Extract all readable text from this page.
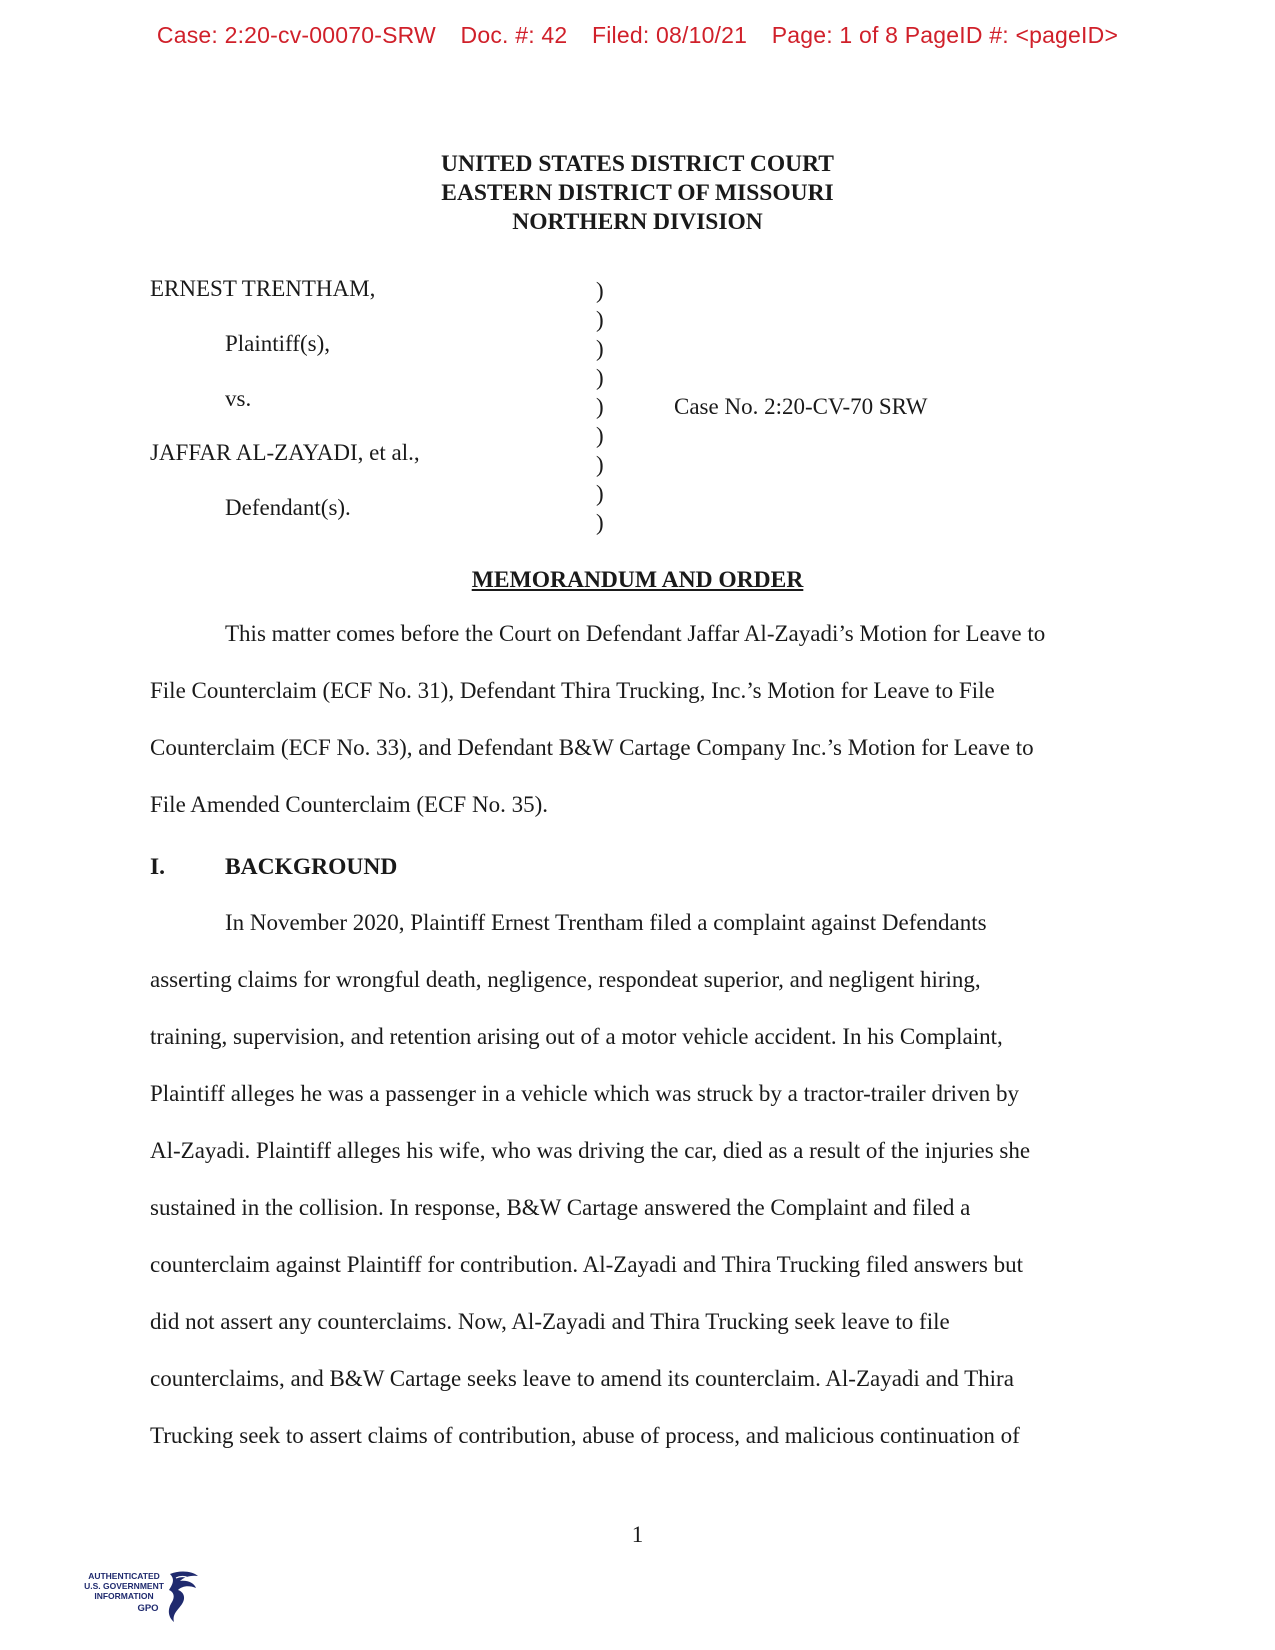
Case: 2:20-cv-00070-SRW Doc. #: 42 Filed: 08/10/21 Page: 1 of 8 PageID #: <pageID>
UNITED STATES DISTRICT COURT
EASTERN DISTRICT OF MISSOURI
NORTHERN DIVISION
ERNEST TRENTHAM,
Plaintiff(s),
vs.
JAFFAR AL-ZAYADI, et al.,
Defendant(s).
)
)
)
)
)
)
)
)
)
Case No. 2:20-CV-70 SRW
MEMORANDUM AND ORDER
This matter comes before the Court on Defendant Jaffar Al-Zayadi’s Motion for Leave to
File Counterclaim (ECF No. 31), Defendant Thira Trucking, Inc.’s Motion for Leave to File
Counterclaim (ECF No. 33), and Defendant B&W Cartage Company Inc.’s Motion for Leave to
File Amended Counterclaim (ECF No. 35).
I.	BACKGROUND
In November 2020, Plaintiff Ernest Trentham filed a complaint against Defendants
asserting claims for wrongful death, negligence, respondeat superior, and negligent hiring,
training, supervision, and retention arising out of a motor vehicle accident. In his Complaint,
Plaintiff alleges he was a passenger in a vehicle which was struck by a tractor-trailer driven by
Al-Zayadi. Plaintiff alleges his wife, who was driving the car, died as a result of the injuries she
sustained in the collision. In response, B&W Cartage answered the Complaint and filed a
counterclaim against Plaintiff for contribution. Al-Zayadi and Thira Trucking filed answers but
did not assert any counterclaims. Now, Al-Zayadi and Thira Trucking seek leave to file
counterclaims, and B&W Cartage seeks leave to amend its counterclaim. Al-Zayadi and Thira
Trucking seek to assert claims of contribution, abuse of process, and malicious continuation of
1
AUTHENTICATED
U.S. GOVERNMENT
INFORMATION
GPO
